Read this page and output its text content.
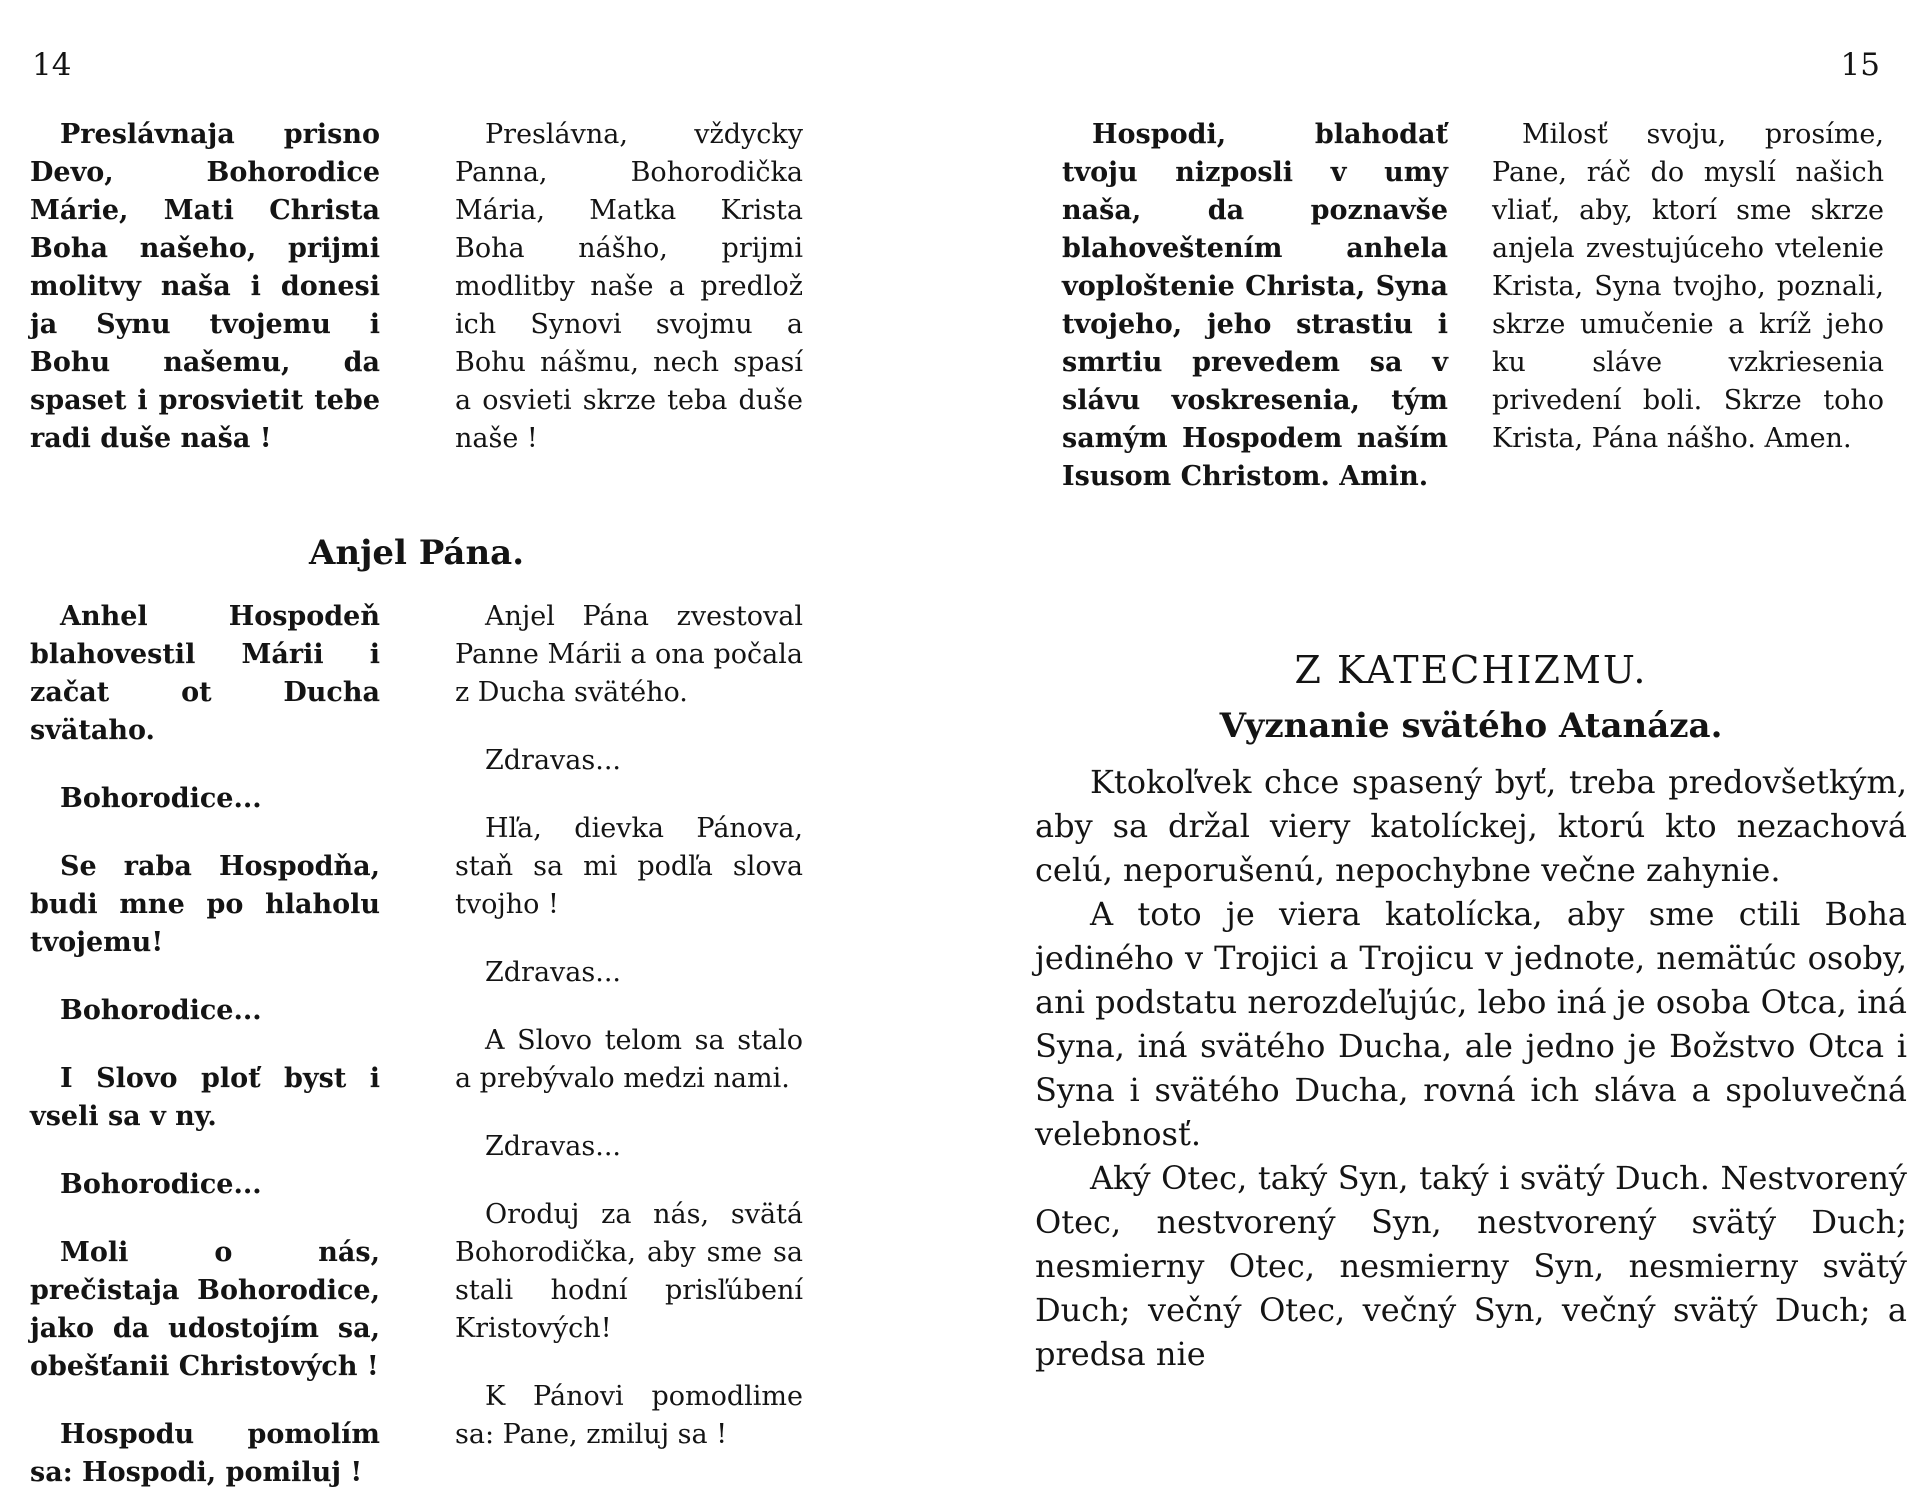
14

Preslávnaja prisno Devo, Bohorodice Márie, Mati Christa Boha našeho, prijmi molitvy naša i donesi ja Synu tvojemu i Bohu našemu, da spaset i prosvietit tebe radi duše naša !

Preslávna, vždycky Panna, Bohorodička Mária, Matka Krista Boha nášho, prijmi modlitby naše a predlož ich Synovi svojmu a Bohu nášmu, nech spasí a osvieti skrze teba duše naše !

Anjel Pána.

Anhel Hospodeň blahovestil Márii i začat ot Ducha svätaho.

Bohorodice...

Se raba Hospodňa, budi mne po hlaholu tvojemu!

Bohorodice...

I Slovo ploť byst i vseli sa v ny.

Bohorodice...

Moli o nás, prečistaja Bohorodice, jako da udostojím sa, obešťanii Christových !

Hospodu pomolím sa: Hospodi, pomiluj !

Anjel Pána zvestoval Panne Márii a ona počala z Ducha svätého.

Zdravas...

Hľa, dievka Pánova, staň sa mi podľa slova tvojho !

Zdravas...

A Slovo telom sa stalo a prebývalo medzi nami.

Zdravas...

Oroduj za nás, svätá Bohorodička, aby sme sa stali hodní prisľúbení Kristových!

K Pánovi pomodlime sa: Pane, zmiluj sa !

15

Hospodi, blahodať tvoju nizposli v umy naša, da poznavše blahoveštením anhela voploštenie Christa, Syna tvojeho, jeho strastiu i smrtiu prevedem sa v slávu voskresenia, tým samým Hospodem naším Isusom Christom. Amin.

Milosť svoju, prosíme, Pane, ráč do myslí našich vliať, aby, ktorí sme skrze anjela zvestujúceho vtelenie Krista, Syna tvojho, poznali, skrze umučenie a kríž jeho ku sláve vzkriesenia privedení boli. Skrze toho Krista, Pána nášho. Amen.

Z KATECHIZMU.
Vyznanie svätého Atanáza.

Ktokoľvek chce spasený byť, treba predovšetkým, aby sa držal viery katolíckej, ktorú kto nezachová celú, neporušenú, nepochybne večne zahynie.

A toto je viera katolícka, aby sme ctili Boha jediného v Trojici a Trojicu v jednote, nemätúc osoby, ani podstatu nerozdeľujúc, lebo iná je osoba Otca, iná Syna, iná svätého Ducha, ale jedno je Božstvo Otca i Syna i svätého Ducha, rovná ich sláva a spoluvečná velebnosť.

Aký Otec, taký Syn, taký i svätý Duch. Nestvorený Otec, nestvorený Syn, nestvorený svätý Duch; nesmierny Otec, nesmierny Syn, nesmierny svätý Duch; večný Otec, večný Syn, večný svätý Duch; a predsa nie
